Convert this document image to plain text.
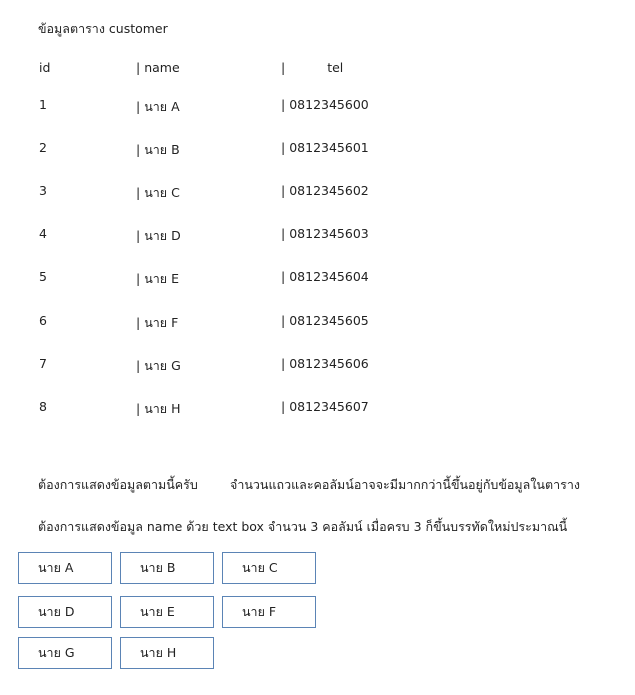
ข้อมูลตาราง customer
id	| name	|	tel
1	| นาย A	| 0812345600
2	| นาย B	| 0812345601
3	| นาย C	| 0812345602
4	| นาย D	| 0812345603
5	| นาย E	| 0812345604
6	| นาย F	| 0812345605
7	| นาย G	| 0812345606
8	| นาย H	| 0812345607
ต้องการแสดงข้อมูลตามนี้ครับ	จำนวนแถวและคอลัมน์อาจจะมีมากกว่านี้ขึ้นอยู่กับข้อมูลในตาราง
ต้องการแสดงข้อมูล name ด้วย text box จำนวน 3 คอลัมน์ เมื่อครบ 3 ก็ขึ้นบรรทัดใหม่ประมาณนี้
นาย A	นาย B	นาย C
นาย D	นาย E	นาย F
นาย G	นาย H
